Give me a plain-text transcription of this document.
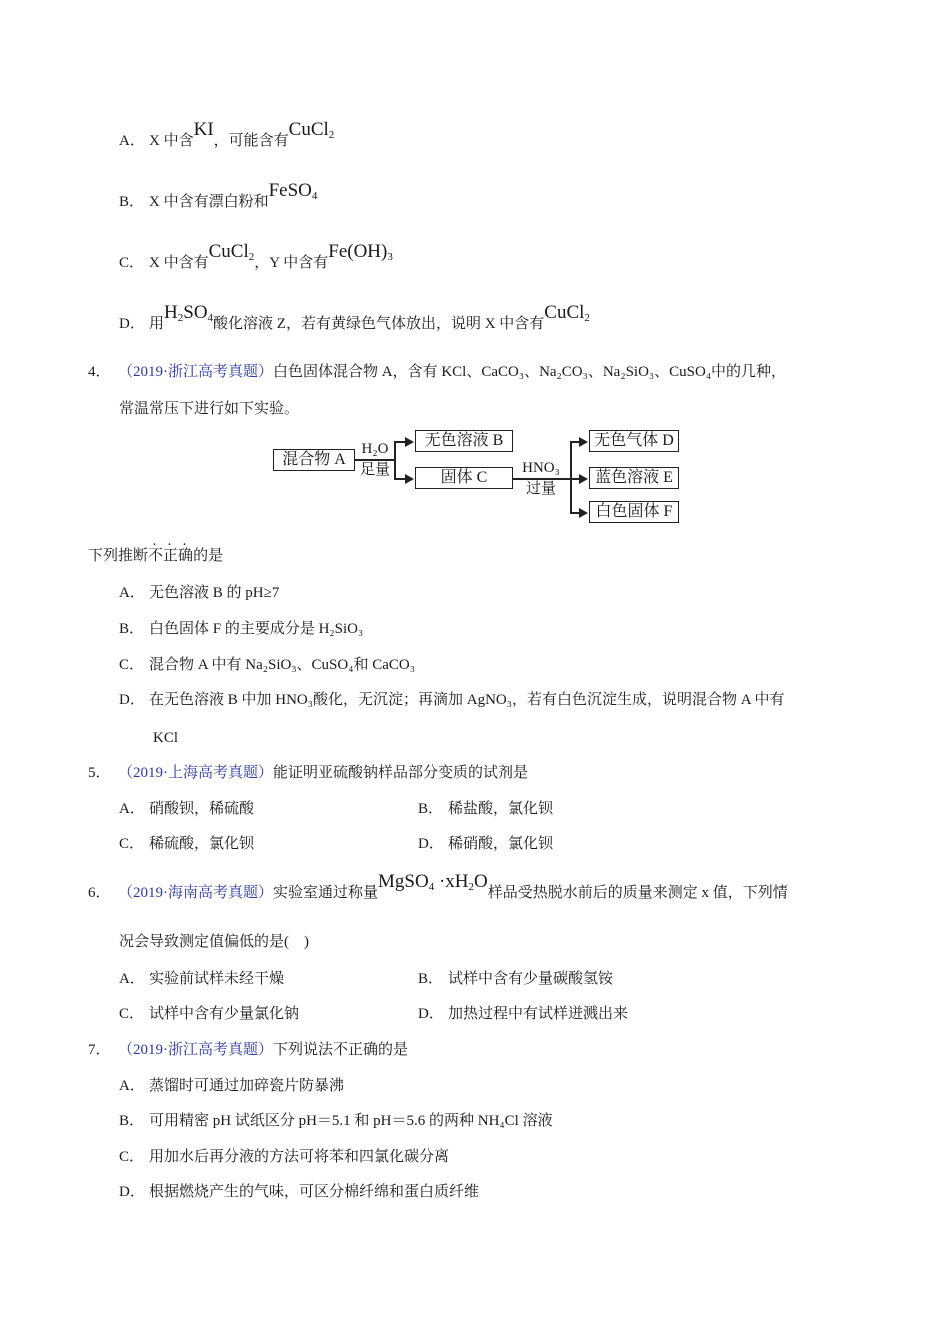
A． X 中含KI，可能含有CuCl$_2$
B． X 中含有漂白粉和FeSO$_4$
C． X 中含有CuCl$_2$，Y 中含有$Fe(OH)_3$
D． 用$H_2SO_4$酸化溶液 Z，若有黄绿色气体放出，说明 X 中含有CuCl$_2$
4． （2019·浙江高考真题）白色固体混合物 A，含有 KCl、CaCO₃、Na₂CO₃、Na₂SiO₃、CuSO₄中的几种，
常温常压下进行如下实验。
混合物 A
H₂O
足量
无色溶液 B
固体 C
HNO₃
过量
无色气体 D
蓝色溶液 E
白色固体 F
下列推断不正确的是
A． 无色溶液 B 的 pH≥7
B． 白色固体 F 的主要成分是 H₂SiO₃
C． 混合物 A 中有 Na₂SiO₃、CuSO₄和 CaCO₃
D． 在无色溶液 B 中加 HNO₃酸化，无沉淀；再滴加 AgNO₃，若有白色沉淀生成，说明混合物 A 中有
KCl
5． （2019·上海高考真题）能证明亚硫酸钠样品部分变质的试剂是
A． 硝酸钡，稀硫酸	B． 稀盐酸，氯化钡
C． 稀硫酸，氯化钡	D． 稀硝酸，氯化钡
6． （2019·海南高考真题）实验室通过称量MgSO$_4$ $\cdot xH_2O$样品受热脱水前后的质量来测定 x 值，下列情
况会导致测定值偏低的是(　)
A． 实验前试样未经干燥	B． 试样中含有少量碳酸氢铵
C． 试样中含有少量氯化钠	D． 加热过程中有试样迸溅出来
7． （2019·浙江高考真题）下列说法不正确的是
A． 蒸馏时可通过加碎瓷片防暴沸
B． 可用精密 pH 试纸区分 pH＝5.1 和 pH＝5.6 的两种 NH₄Cl 溶液
C． 用加水后再分液的方法可将苯和四氯化碳分离
D． 根据燃烧产生的气味，可区分棉纤绵和蛋白质纤维
